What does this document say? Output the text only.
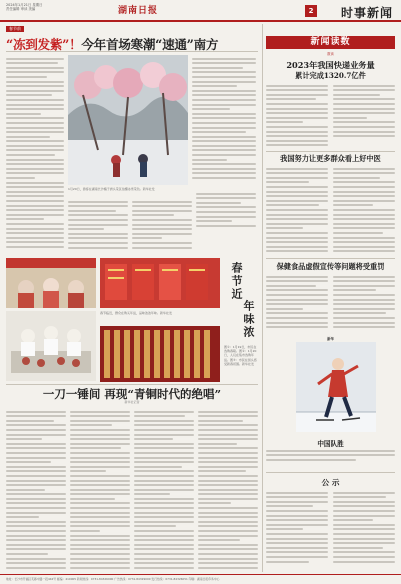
2024年1月21日 星期日
责任编辑 审读 美编	湖南日报	2 时事新闻
春节前
“冻到发紫”！今年首场寒潮“速通”南方
1月20日，游客在湖南长沙橘子洲头景区拍摄冰雪景色。新华社发
春节临近，群众在购买年货，品味浓浓年味。新华社发
春节近
年味浓
图①：1月19日，市民在选购春联。图②：1月20日，人们在集市选购年货。图③：市民在街头感受新春氛围。新华社发
一刀一锤间 再现“青铜时代的绝唱”
新华社记者
新闻读数
数读
2023年我国快递业务量
累计完成1320.7亿件
我国努力让更多群众看上好中医
保健食品虚假宣传等问题将受重罚
新华
中国队胜
公 示
地址：长沙市开福区芙蓉中路一段442号 邮编：410005 新闻热线：0731-84326000 广告热线：0731-84329000 发行热线：0731-84326051 印刷：湖南日报印务中心
